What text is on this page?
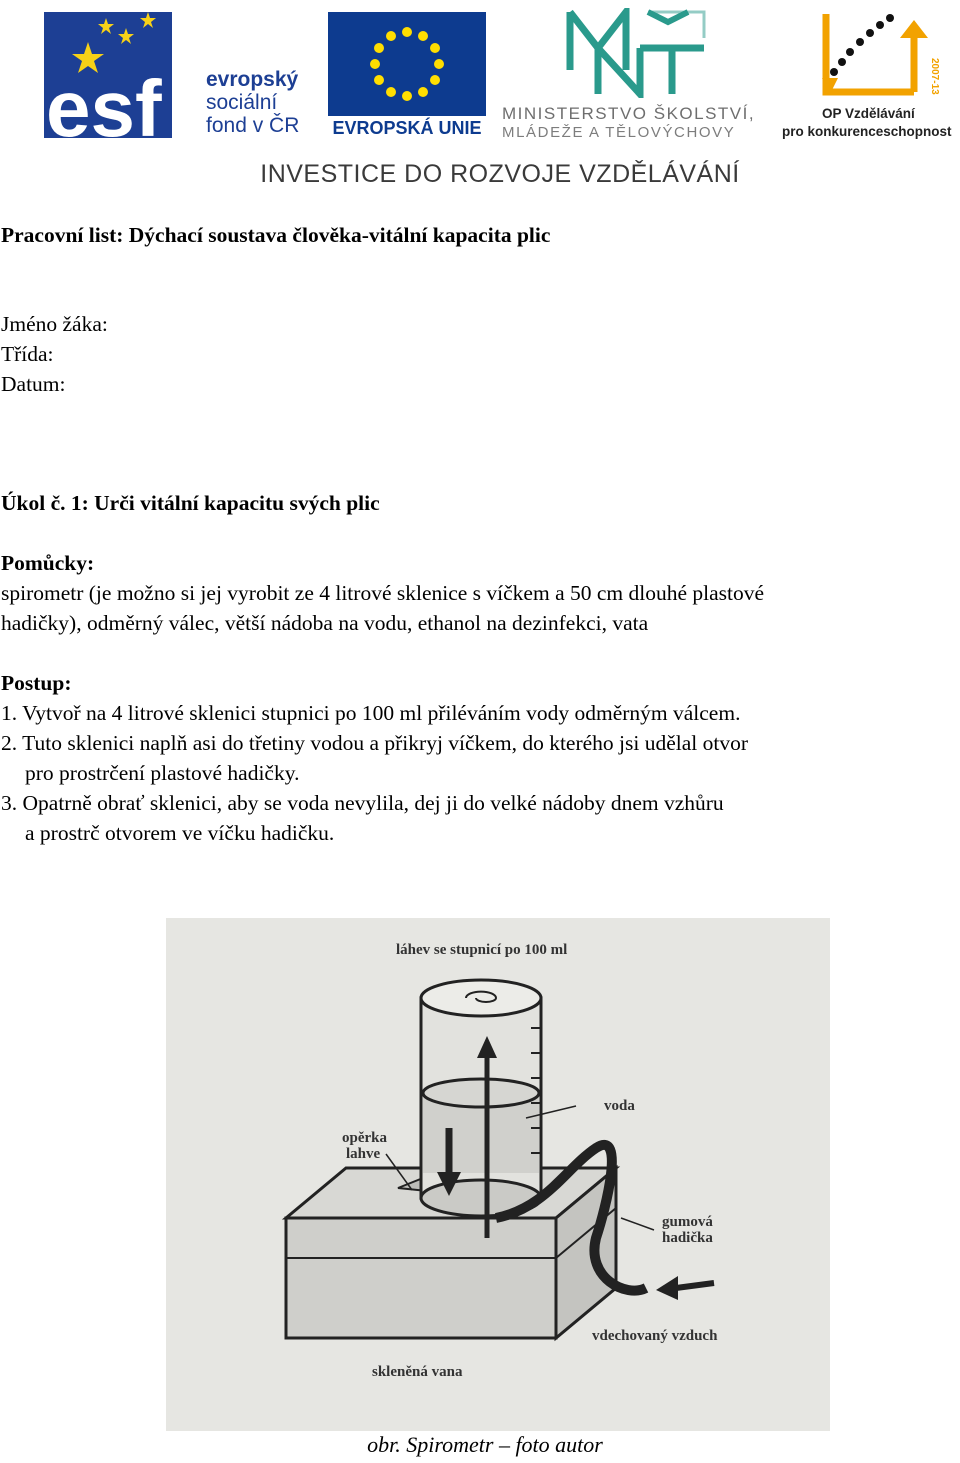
esf evropský
sociální
fond v ČR EVROPSKÁ UNIE
MINISTERSTVO ŠKOLSTVÍ,
MLÁDEŽE A TĚLOVÝCHOVY
2007-13
OP Vzdělávání
pro konkurenceschopnost
INVESTICE DO ROZVOJE VZDĚLÁVÁNÍ
Pracovní list: Dýchací soustava člověka-vitální kapacita plic
Jméno žáka:
Třída:
Datum:
Úkol č. 1: Urči vitální kapacitu svých plic
Pomůcky:
spirometr (je možno si jej vyrobit ze 4 litrové sklenice s víčkem a 50 cm dlouhé plastové
hadičky), odměrný válec, větší nádoba na vodu, ethanol na dezinfekci, vata
Postup:
1. Vytvoř na 4 litrové sklenici stupnici po 100 ml přiléváním vody odměrným válcem.
2. Tuto sklenici naplň asi do třetiny vodou a přikryj víčkem, do kterého jsi udělal otvor
pro prostrčení plastové hadičky.
3. Opatrně obrať sklenici, aby se voda nevylila, dej ji do velké nádoby dnem vzhůru
a prostrč otvorem ve víčku hadičku.
láhev se stupnicí po 100 ml
voda
opěrka
lahve
gumová
hadička
vdechovaný vzduch
skleněná vana
obr. Spirometr – foto autor
